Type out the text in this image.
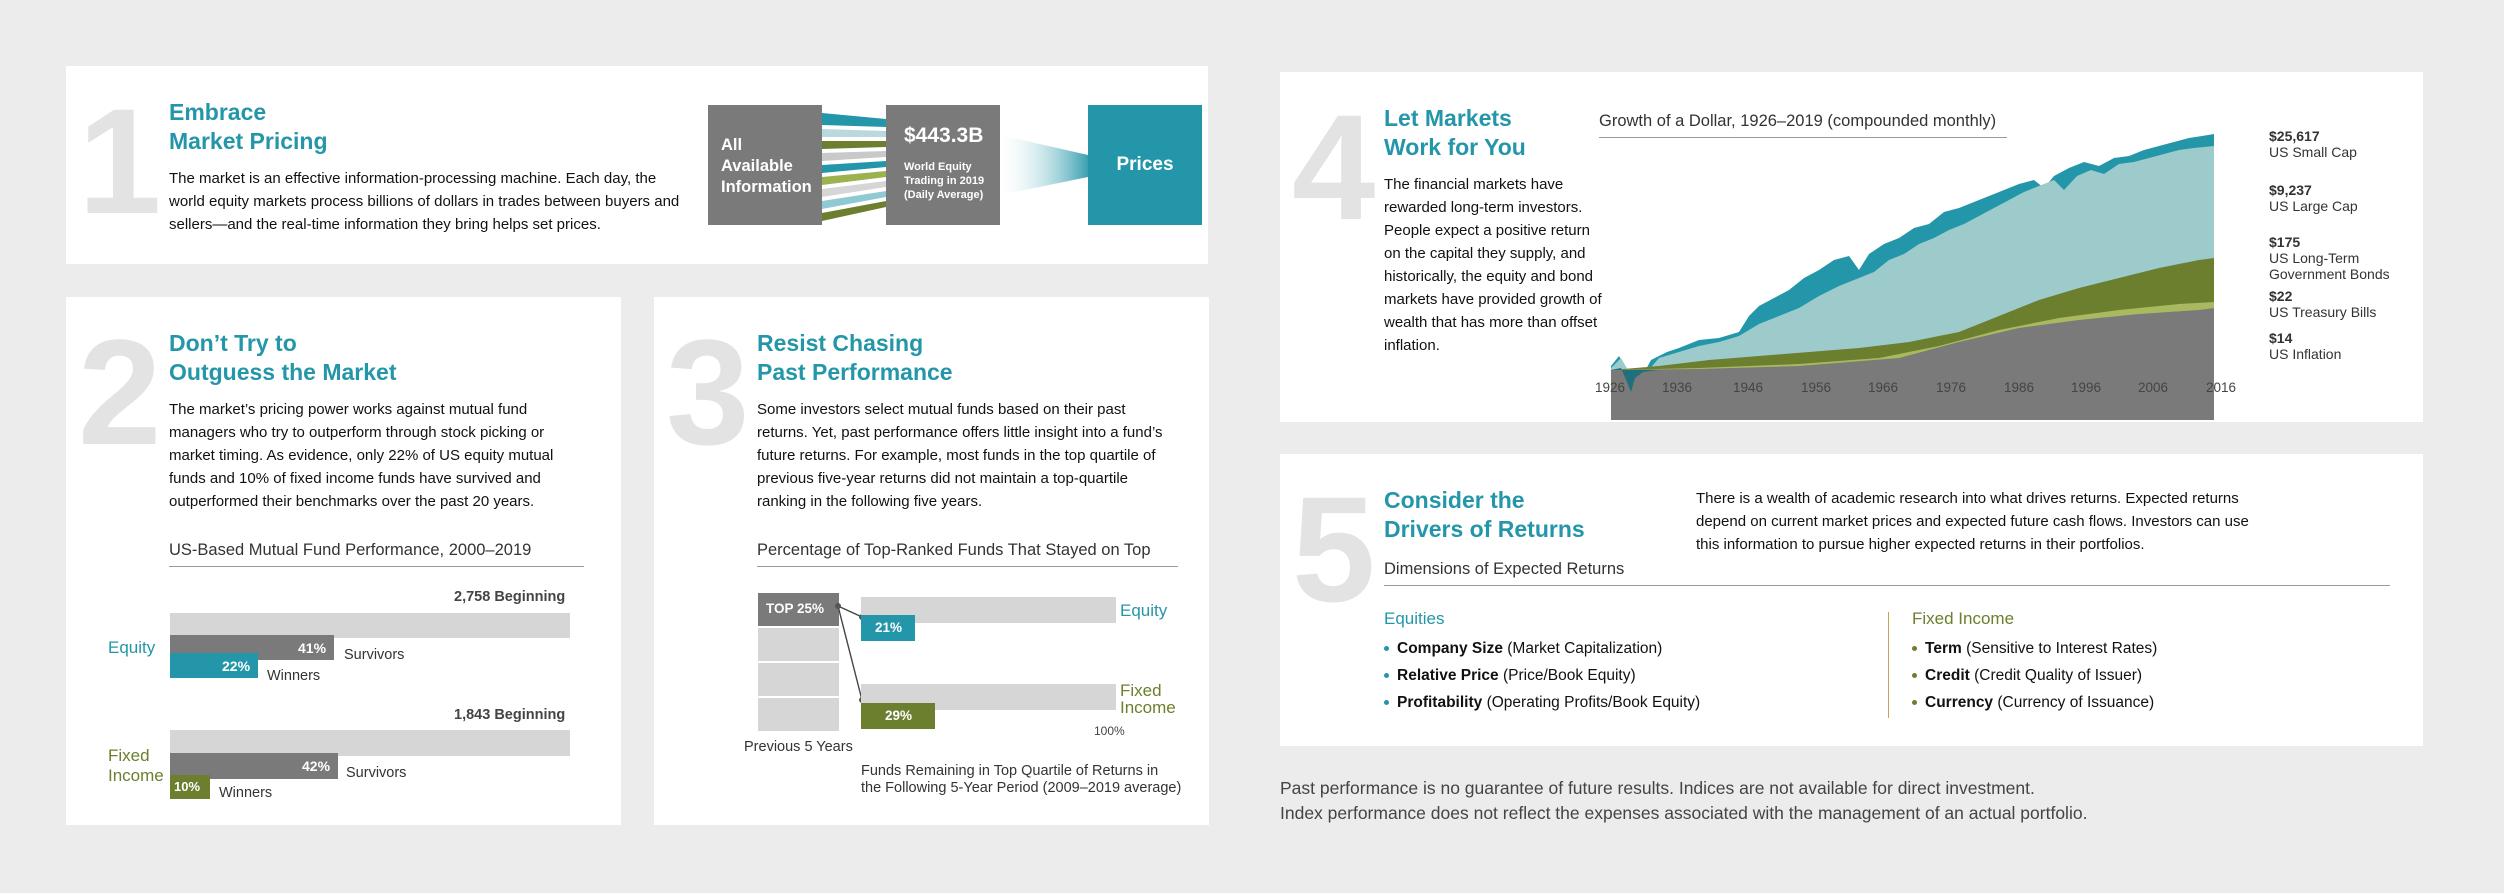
1 Embrace
Market Pricing
The market is an effective information-processing machine. Each day, the world equity markets process billions of dollars in trades between buyers and sellers—and the real-time information they bring helps set prices.
All Available Information
$443.3B
World Equity Trading in 2019 (Daily Average)
Prices
2 Don’t Try to
Outguess the Market
The market’s pricing power works against mutual fund managers who try to outperform through stock picking or market timing. As evidence, only 22% of US equity mutual funds and 10% of fixed income funds have survived and outperformed their benchmarks over the past 20 years.
US-Based Mutual Fund Performance, 2000–2019
2,758 Beginning
Equity	41% Survivors
22%
Winners
1,843 Beginning
Fixed
Income	42% Survivors
10% Winners
3 Resist Chasing
Past Performance
Some investors select mutual funds based on their past returns. Yet, past performance offers little insight into a fund’s future returns. For example, most funds in the top quartile of previous five-year returns did not maintain a top-quartile ranking in the following five years.
Percentage of Top-Ranked Funds That Stayed on Top
TOP 25%
Previous 5 Years
21%
Equity
29%
Fixed
Income
100%
Funds Remaining in Top Quartile of Returns in
the Following 5-Year Period (2009–2019 average)
4 Let Markets
Work for You
The financial markets have rewarded long-term investors. People expect a positive return on the capital they supply, and historically, the equity and bond markets have provided growth of wealth that has more than offset inflation.
Growth of a Dollar, 1926–2019 (compounded monthly)
1926	1936	1946	1956	1966	1976	1986	1996	2006	2016
$25,617
US Small Cap
$9,237
US Large Cap
$175
US Long-Term
Government Bonds
$22
US Treasury Bills
$14
US Inflation
5 Consider the
Drivers of Returns
There is a wealth of academic research into what drives returns. Expected returns depend on current market prices and expected future cash flows. Investors can use this information to pursue higher expected returns in their portfolios.
Dimensions of Expected Returns
Equities
Company Size (Market Capitalization)
Relative Price (Price/Book Equity)
Profitability (Operating Profits/Book Equity)
Fixed Income
Term (Sensitive to Interest Rates)
Credit (Credit Quality of Issuer)
Currency (Currency of Issuance)
Past performance is no guarantee of future results. Indices are not available for direct investment.
Index performance does not reflect the expenses associated with the management of an actual portfolio.
